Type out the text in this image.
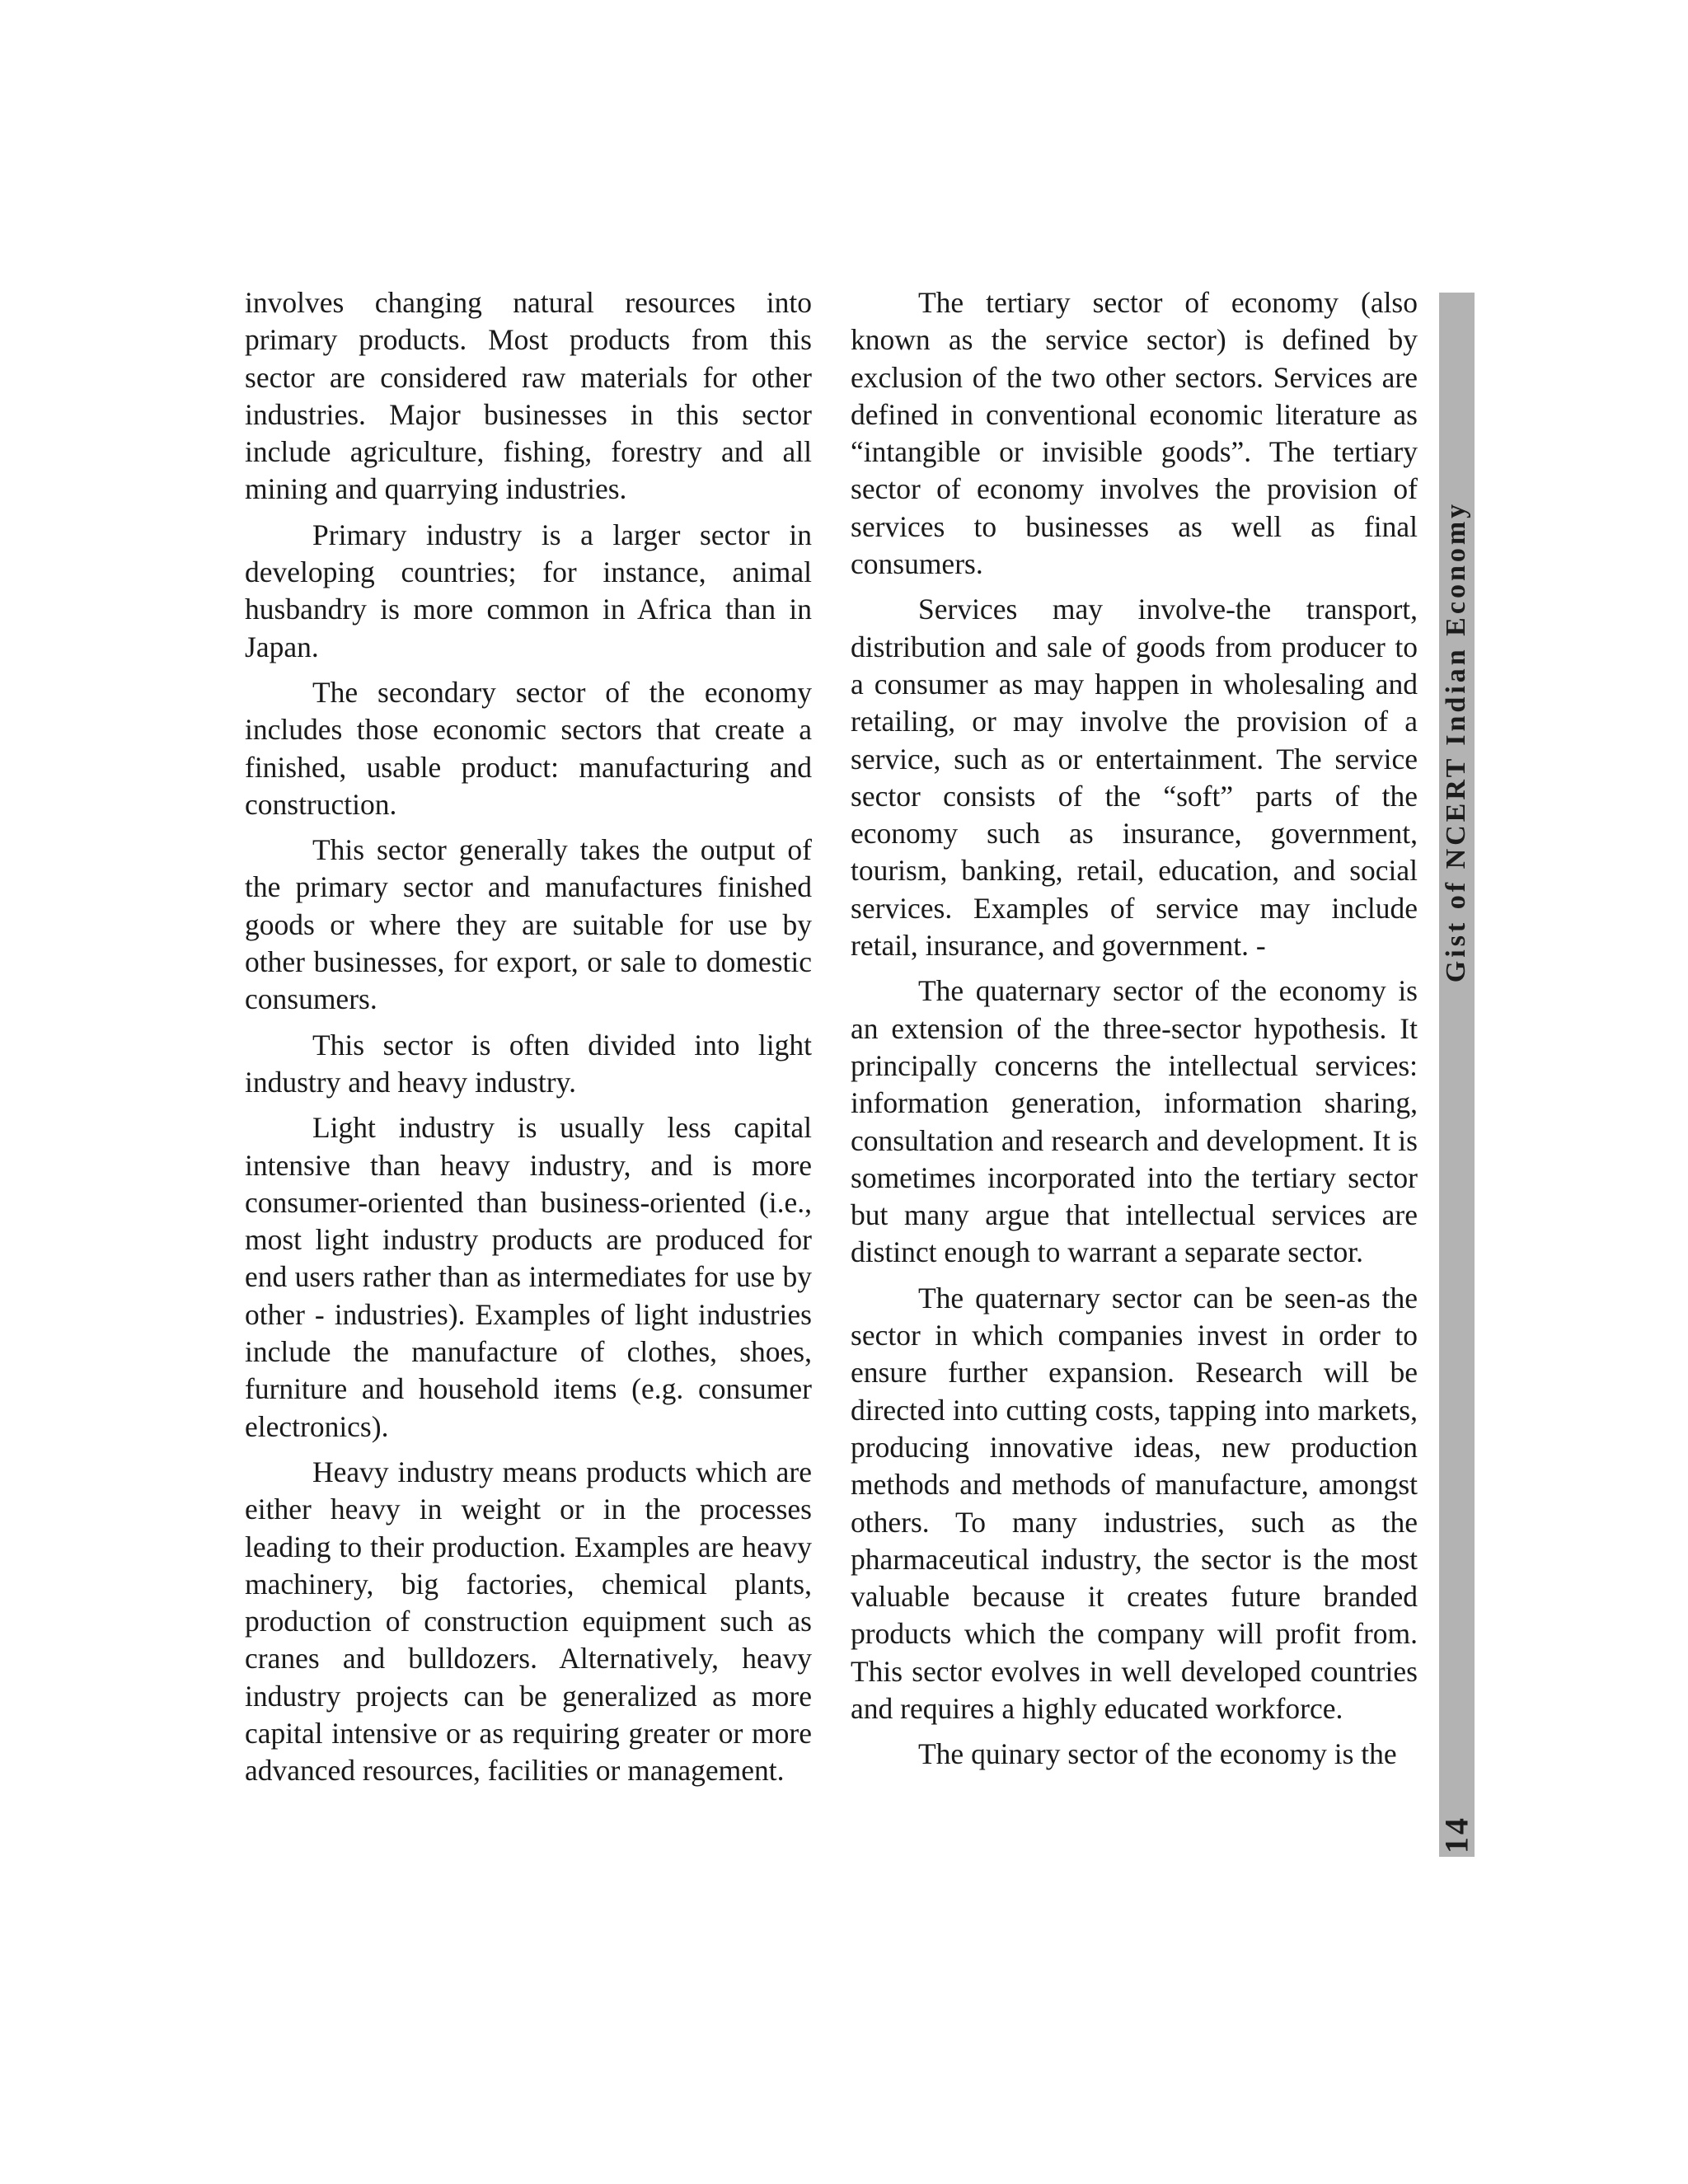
involves changing natural resources into primary products. Most products from this sector are considered raw materials for other industries. Major businesses in this sector include agriculture, fishing, forestry and all mining and quarrying industries.

Primary industry is a larger sector in developing countries; for instance, animal husbandry is more common in Africa than in Japan.

The secondary sector of the economy includes those economic sectors that create a finished, usable product: manufacturing and construction.

This sector generally takes the output of the primary sector and manufactures finished goods or where they are suitable for use by other businesses, for export, or sale to domestic consumers.

This sector is often divided into light industry and heavy industry.

Light industry is usually less capital intensive than heavy industry, and is more consumer-oriented than business-oriented (i.e., most light industry products are produced for end users rather than as intermediates for use by other - industries). Examples of light industries include the manufacture of clothes, shoes, furniture and household items (e.g. consumer electronics).

Heavy industry means products which are either heavy in weight or in the processes leading to their production. Examples are heavy machinery, big factories, chemical plants, production of construction equipment such as cranes and bulldozers. Alternatively, heavy industry projects can be generalized as more capital intensive or as requiring greater or more advanced resources, facilities or management.

The tertiary sector of economy (also known as the service sector) is defined by exclusion of the two other sectors. Services are defined in conventional economic literature as “intangible or invisible goods”. The tertiary sector of economy involves the provision of services to businesses as well as final consumers.

Services may involve-the transport, distribution and sale of goods from producer to a consumer as may happen in wholesaling and retailing, or may involve the provision of a service, such as or entertainment. The service sector consists of the “soft” parts of the economy such as insurance, government, tourism, banking, retail, education, and social services. Examples of service may include retail, insurance, and government. -

The quaternary sector of the economy is an extension of the three-sector hypothesis. It principally concerns the intellectual services: information generation, information sharing, consultation and research and development. It is sometimes incorporated into the tertiary sector but many argue that intellectual services are distinct enough to warrant a separate sector.

The quaternary sector can be seen-as the sector in which companies invest in order to ensure further expansion. Research will be directed into cutting costs, tapping into markets, producing innovative ideas, new production methods and methods of manufacture, amongst others. To many industries, such as the pharmaceutical industry, the sector is the most valuable because it creates future branded products which the company will profit from. This sector evolves in well developed countries and requires a highly educated workforce.

The quinary sector of the economy is the

Gist of NCERT Indian Economy
14
